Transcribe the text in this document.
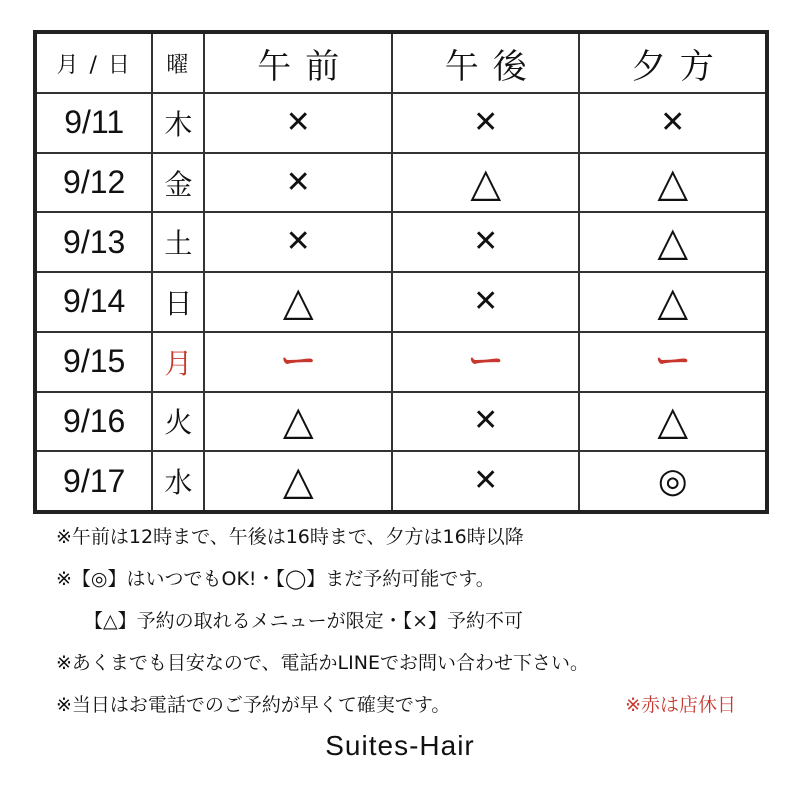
月 / 日	曜	午前	午後	夕方
9/11	木	✕	✕	✕
9/12	金	✕	△	△
9/13	土	✕	✕	△
9/14	日	△	✕	△
9/15	月	ー	ー	ー
9/16	火	△	✕	△
9/17	水	△	✕	◎
※午前は12時まで、午後は16時まで、夕方は16時以降
※【◎】はいつでもOK!・【◯】まだ予約可能です。
【△】予約の取れるメニューが限定・【×】予約不可
※あくまでも目安なので、電話かLINEでお問い合わせ下さい。
※当日はお電話でのご予約が早くて確実です。	※赤は店休日
Suites-Hair
